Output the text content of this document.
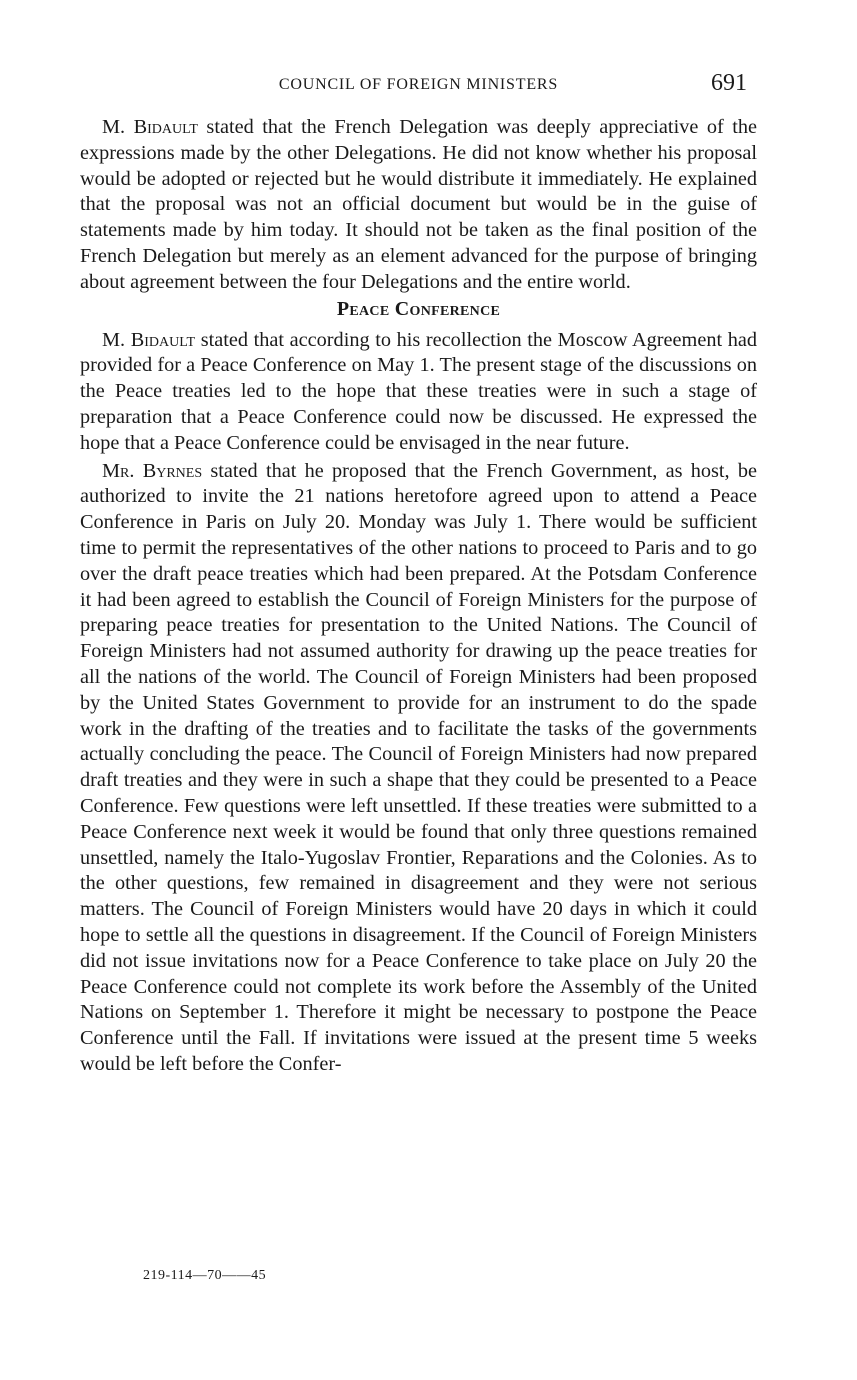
COUNCIL OF FOREIGN MINISTERS	691

M. Bidault stated that the French Delegation was deeply appreciative of the expressions made by the other Delegations. He did not know whether his proposal would be adopted or rejected but he would distribute it immediately. He explained that the proposal was not an official document but would be in the guise of statements made by him today. It should not be taken as the final position of the French Delegation but merely as an element advanced for the purpose of bringing about agreement between the four Delegations and the entire world.

Peace Conference

M. Bidault stated that according to his recollection the Moscow Agreement had provided for a Peace Conference on May 1. The present stage of the discussions on the Peace treaties led to the hope that these treaties were in such a stage of preparation that a Peace Conference could now be discussed. He expressed the hope that a Peace Conference could be envisaged in the near future.

Mr. Byrnes stated that he proposed that the French Government, as host, be authorized to invite the 21 nations heretofore agreed upon to attend a Peace Conference in Paris on July 20. Monday was July 1. There would be sufficient time to permit the representatives of the other nations to proceed to Paris and to go over the draft peace treaties which had been prepared. At the Potsdam Conference it had been agreed to establish the Council of Foreign Ministers for the purpose of preparing peace treaties for presentation to the United Nations. The Council of Foreign Ministers had not assumed authority for drawing up the peace treaties for all the nations of the world. The Council of Foreign Ministers had been proposed by the United States Government to provide for an instrument to do the spade work in the drafting of the treaties and to facilitate the tasks of the governments actually concluding the peace. The Council of Foreign Ministers had now prepared draft treaties and they were in such a shape that they could be presented to a Peace Conference. Few questions were left unsettled. If these treaties were submitted to a Peace Conference next week it would be found that only three questions remained unsettled, namely the Italo-Yugoslav Frontier, Reparations and the Colonies. As to the other questions, few remained in disagreement and they were not serious matters. The Council of Foreign Ministers would have 20 days in which it could hope to settle all the questions in disagreement. If the Council of Foreign Ministers did not issue invitations now for a Peace Conference to take place on July 20 the Peace Conference could not complete its work before the Assembly of the United Nations on September 1. Therefore it might be necessary to postpone the Peace Conference until the Fall. If invitations were issued at the present time 5 weeks would be left before the Confer-

219-114—70——45
